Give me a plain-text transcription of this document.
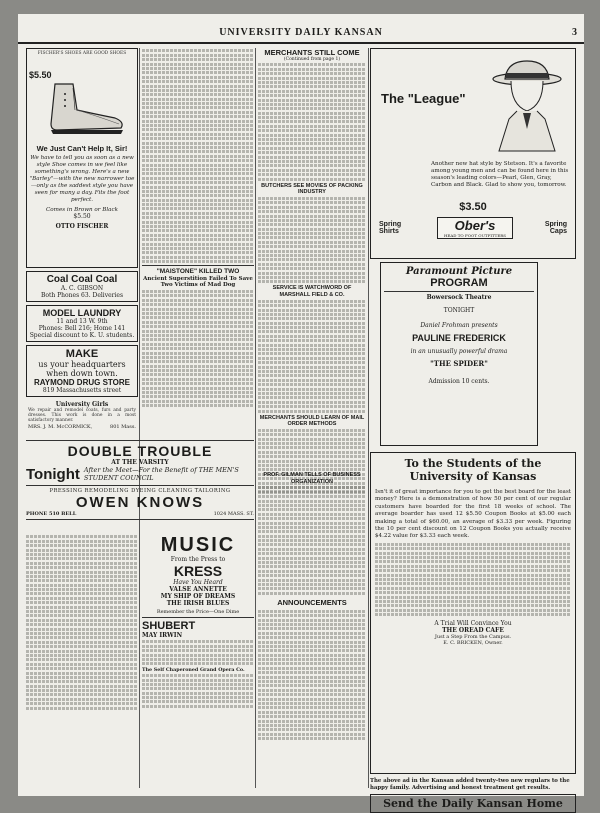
UNIVERSITY DAILY KANSAN	3
FISCHER'S SHOES ARE GOOD SHOES
$5.50
We Just Can't Help It, Sir!
We have to tell you as soon as a new style Shoe comes in we feel like something's wrong. Here's a new "Barley"—with the new narrower toe—only as the saddest style you have seen for many a day. Fits the foot perfect.
Comes in Brown or Black
$5.50
OTTO FISCHER
Coal Coal Coal
A. C. GIBSON
Both Phones 63. Deliveries
MODEL LAUNDRY
11 and 13 W. 9th
Phones: Bell 216; Home 141
Special discount to K. U. students.
MAKE
us your headquarters when down town.
RAYMOND DRUG STORE
819 Massachusetts street
University Girls
We repair and remodel coats, furs and party dresses. This work is done in a most satisfactory manner.
MRS. J. M. McCORMICK,	801 Mass.
DOUBLE TROUBLE
AT THE VARSITY
Tonight After the Meet—For the Benefit of THE MEN'S STUDENT COUNCIL
PRESSING REMODELING DYEING CLEANING TAILORING
OWEN KNOWS
PHONE 510 BELL	1024 MASS. ST.
"MAISTONE" KILLED TWO
Ancient Superstition Failed To Save Two Victims of Mad Dog
MERCHANTS STILL COME
(Continued from page 1)
BUTCHERS SEE MOVIES OF PACKING INDUSTRY
SERVICE IS WATCHWORD OF MARSHALL FIELD & CO.
MERCHANTS SHOULD LEARN OF MAIL ORDER METHODS
MUSIC
From the Press to
KRESS
Have You Heard
VALSE ANNETTE
MY SHIP OF DREAMS
THE IRISH BLUES
Remember the Price—One Dime
SHUBERT
MAY IRWIN
The Self Chaperoned Grand Opera Co.
PROF. GILMAN TELLS OF BUSINESS ORGANIZATION
ANNOUNCEMENTS
The "League"
Another new hat style by Stetson. It's a favorite among young men and can be found here in this season's leading colors—Pearl, Glen, Gray, Carbon and Black. Glad to show you, tomorrow.
$3.50
Spring Shirts	Ober's
HEAD TO FOOT OUTFITTERS
Spring Caps
Paramount Picture
PROGRAM
Bowersock Theatre
TONIGHT
Daniel Frohman presents
PAULINE FREDERICK
in an unusually powerful drama
"THE SPIDER"
Admission 10 cents.
To the Students of the University of Kansas
Isn't it of great importance for you to get the best board for the least money? Here is a demonstration of how 50 per cent of our regular customers have boarded for the first 18 weeks of school. The average boarder has used 12 $5.50 Coupon Books at $5.00 each making a total of $60.00, an average of $3.33 per week. Figuring the 10 per cent discount on 12 Coupon Books you actually receive $4.22 value for $3.33 each week.
A Trial Will Convince You
THE OREAD CAFE
Just a Step From the Campus.
E. C. BRICKEN, Owner.
The above ad in the Kansan added twenty-two new regulars to the happy family. Advertising and honest treatment get results.
Send the Daily Kansan Home
